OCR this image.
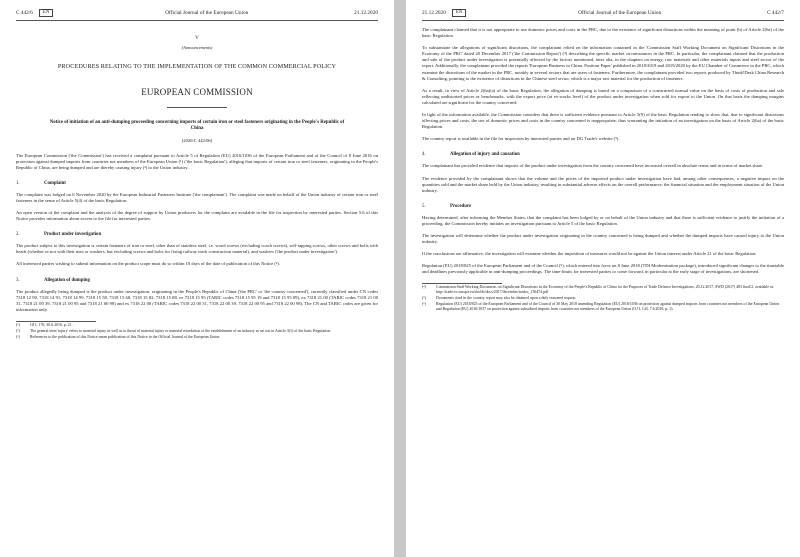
C 442/6	EN	Official Journal of the European Union	21.12.2020
V
(Announcements)
PROCEDURES RELATING TO THE IMPLEMENTATION OF THE COMMON COMMERCIAL POLICY
EUROPEAN COMMISSION
Notice of initiation of an anti-dumping proceeding concerning imports of certain iron or steel fasteners originating in the People's Republic of China
(2020/C 442/06)

The European Commission ('the Commission') has received a complaint pursuant to Article 5 of Regulation (EU) 2016/1036 of the European Parliament and of the Council of 8 June 2016 on protection against dumped imports from countries not members of the European Union (¹) ('the basic Regulation'), alleging that imports of certain iron or steel fasteners, originating in the People's Republic of China, are being dumped and are thereby causing injury (²) to the Union industry.

1.	Complaint

The complaint was lodged on 6 November 2020 by the European Industrial Fasteners Institute ('the complainant'). The complaint was made on behalf of the Union industry of certain iron or steel fasteners in the sense of Article 5(4) of the basic Regulation.

An open version of the complaint and the analysis of the degree of support by Union producers for the complaint are available in the file for inspection by interested parties. Section 5.6 of this Notice provides information about access to the file for interested parties.

2.	Product under investigation

The product subject to this investigation is certain fasteners of iron or steel, other than of stainless steel, i.e. wood screws (excluding coach screws), self-tapping screws, other screws and bolts with heads (whether or not with their nuts or washers, but excluding screws and bolts for fixing railway track construction material), and washers ('the product under investigation').

All interested parties wishing to submit information on the product scope must do so within 10 days of the date of publication of this Notice (³).

3.	Allegation of dumping

The product allegedly being dumped is the product under investigation, originating in the People's Republic of China ('the PRC' or 'the country concerned'), currently classified under CN codes 7318 12 90, 7318 14 91, 7318 14 99, 7318 15 58, 7318 15 68, 7318 15 82, 7318 15 88, ex 7318 15 95 (TARIC codes 7318 15 95 19 and 7318 15 95 89), ex 7318 21 00 (TARIC codes 7318 21 00 31, 7318 21 00 39, 7318 21 00 95 and 7318 21 00 98) and ex 7318 22 00 (TARIC codes 7318 22 00 31, 7318 22 00 39, 7318 22 00 95 and 7318 22 00 98). The CN and TARIC codes are given for information only.

(¹)	OJ L 176, 30.6.2016, p. 21.
(²)	The general term 'injury' refers to material injury as well as to threat of material injury or material retardation of the establishment of an industry as set out in Article 3(1) of the basic Regulation.
(³)	References to the publication of this Notice mean publication of this Notice in the Official Journal of the European Union.
21.12.2020	EN	Official Journal of the European Union	C 442/7

The complainant claimed that it is not appropriate to use domestic prices and costs in the PRC, due to the existence of significant distortions within the meaning of point (b) of Article 2(6a) of the basic Regulation.

To substantiate the allegations of significant distortions, the complainant relied on the information contained in the 'Commission Staff Working Document on Significant Distortions in the Economy of the PRC' dated 20 December 2017 ('the Commission Report') (⁴) describing the specific market circumstances in the PRC. In particular, the complainant claimed that the production and sale of the product under investigation is potentially affected by the factors mentioned, inter alia, in the chapters on energy, raw materials and other materials inputs and steel sector of the report. Additionally, the complainant provided the reports 'European Business in China, Position Paper' published in 2018/2019 and 2019/2020 by the EU Chamber of Commerce in the PRC, which examine the distortions of the market in the PRC, notably in several sectors that are users of fasteners. Furthermore, the complainant provided two reports produced by Think!Desk China Research & Consulting, pointing to the existence of distortions in the Chinese steel sector, which is a major raw material for the production of fasteners.

As a result, in view of Article 2(6a)(a) of the basic Regulation, the allegation of dumping is based on a comparison of a constructed normal value on the basis of costs of production and sale reflecting undistorted prices or benchmarks, with the export price (at ex-works level) of the product under investigation when sold for export to the Union. On that basis the dumping margins calculated are significant for the country concerned.

In light of the information available, the Commission considers that there is sufficient evidence pursuant to Article 5(9) of the basic Regulation tending to show that, due to significant distortions affecting prices and costs, the use of domestic prices and costs in the country concerned is inappropriate, thus warranting the initiation of an investigation on the basis of Article 2(6a) of the basic Regulation.

The country report is available in the file for inspection by interested parties and on DG Trade's website (⁵).

4.	Allegation of injury and causation

The complainant has provided evidence that imports of the product under investigation from the country concerned have increased overall in absolute terms and in terms of market share.

The evidence provided by the complainant shows that the volume and the prices of the imported product under investigation have had, among other consequences, a negative impact on the quantities sold and the market share held by the Union industry, resulting in substantial adverse effects on the overall performance, the financial situation and the employment situation of the Union industry.

5.	Procedure

Having determined, after informing the Member States, that the complaint has been lodged by or on behalf of the Union industry and that there is sufficient evidence to justify the initiation of a proceeding, the Commission hereby initiates an investigation pursuant to Article 5 of the basic Regulation.

The investigation will determine whether the product under investigation originating in the country concerned is being dumped and whether the dumped imports have caused injury to the Union industry.

If the conclusions are affirmative, the investigation will examine whether the imposition of measures would not be against the Union interest under Article 21 of the basic Regulation.

Regulation (EU) 2018/825 of the European Parliament and of the Council (⁶), which entered into force on 8 June 2018 (TDI Modernisation package), introduced significant changes to the timetable and deadlines previously applicable in anti-dumping proceedings. The time-limits for interested parties to come forward, in particular at the early stage of investigations, are shortened.

(⁴)	Commission Staff Working Document, on Significant Distortions in the Economy of the People's Republic of China for the Purposes of Trade Defence Investigations, 20.12.2017, SWD (2017) 483 final/2, available at: http://trade.ec.europa.eu/doclib/docs/2017/december/tradoc_156474.pdf
(⁵)	Documents cited in the country report may also be obtained upon a duly reasoned request.
(⁶)	Regulation (EU) 2018/825 of the European Parliament and of the Council of 30 May 2018 amending Regulation (EU) 2016/1036 on protection against dumped imports from countries not members of the European Union and Regulation (EU) 2016/1037 on protection against subsidised imports from countries not members of the European Union (OJ L 143, 7.6.2018, p. 1).
